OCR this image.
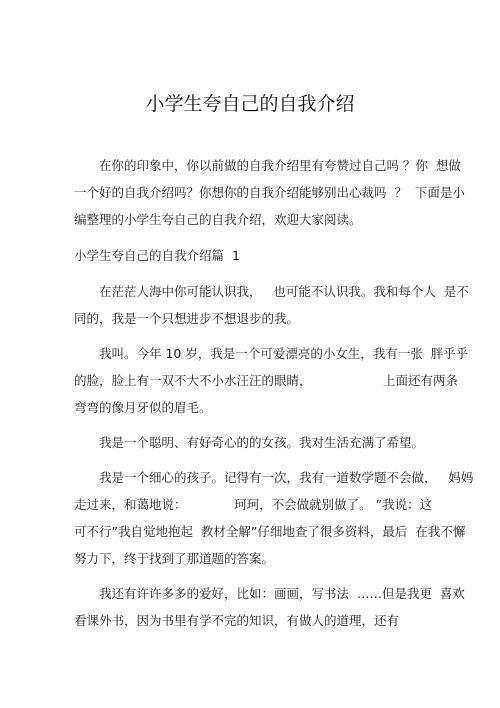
小学生夸自己的自我介绍
在你的印象中，你以前做的自我介绍里有夸赞过自己吗 ？你  想做
一个好的自我介绍吗？你想你的自我介绍能够别出心裁吗  ？  下面是小
编整理的小学生夸自己的自我介绍，欢迎大家阅读。
小学生夸自己的自我介绍篇  1
在茫茫人海中你可能认识我，   也可能不认识我。我和每个人  是不
同的，我是一个只想进步不想退步的我。
我叫。今年 10 岁，我是一个可爱漂亮的小女生，我有一张  胖乎乎
的脸，脸上有一双不大不小水汪汪的眼睛，                  上面还有两条
弯弯的像月牙似的眉毛。
我是一个聪明、有好奇心的的女孩。我对生活充满了希望。
我是一个细心的孩子。记得有一次，我有一道数学题不会做，   妈妈
走过来，和蔼地说：            珂珂，不会做就别做了。 ”我说：这
可不行”我自觉地抱起  教材全解”仔细地查了很多资料，最后  在我不懈
努力下，终于找到了那道题的答案。
我还有许许多多的爱好，比如：画画，写书法  ……但是我更  喜欢
看课外书，因为书里有学不完的知识，有做人的道理，还有
